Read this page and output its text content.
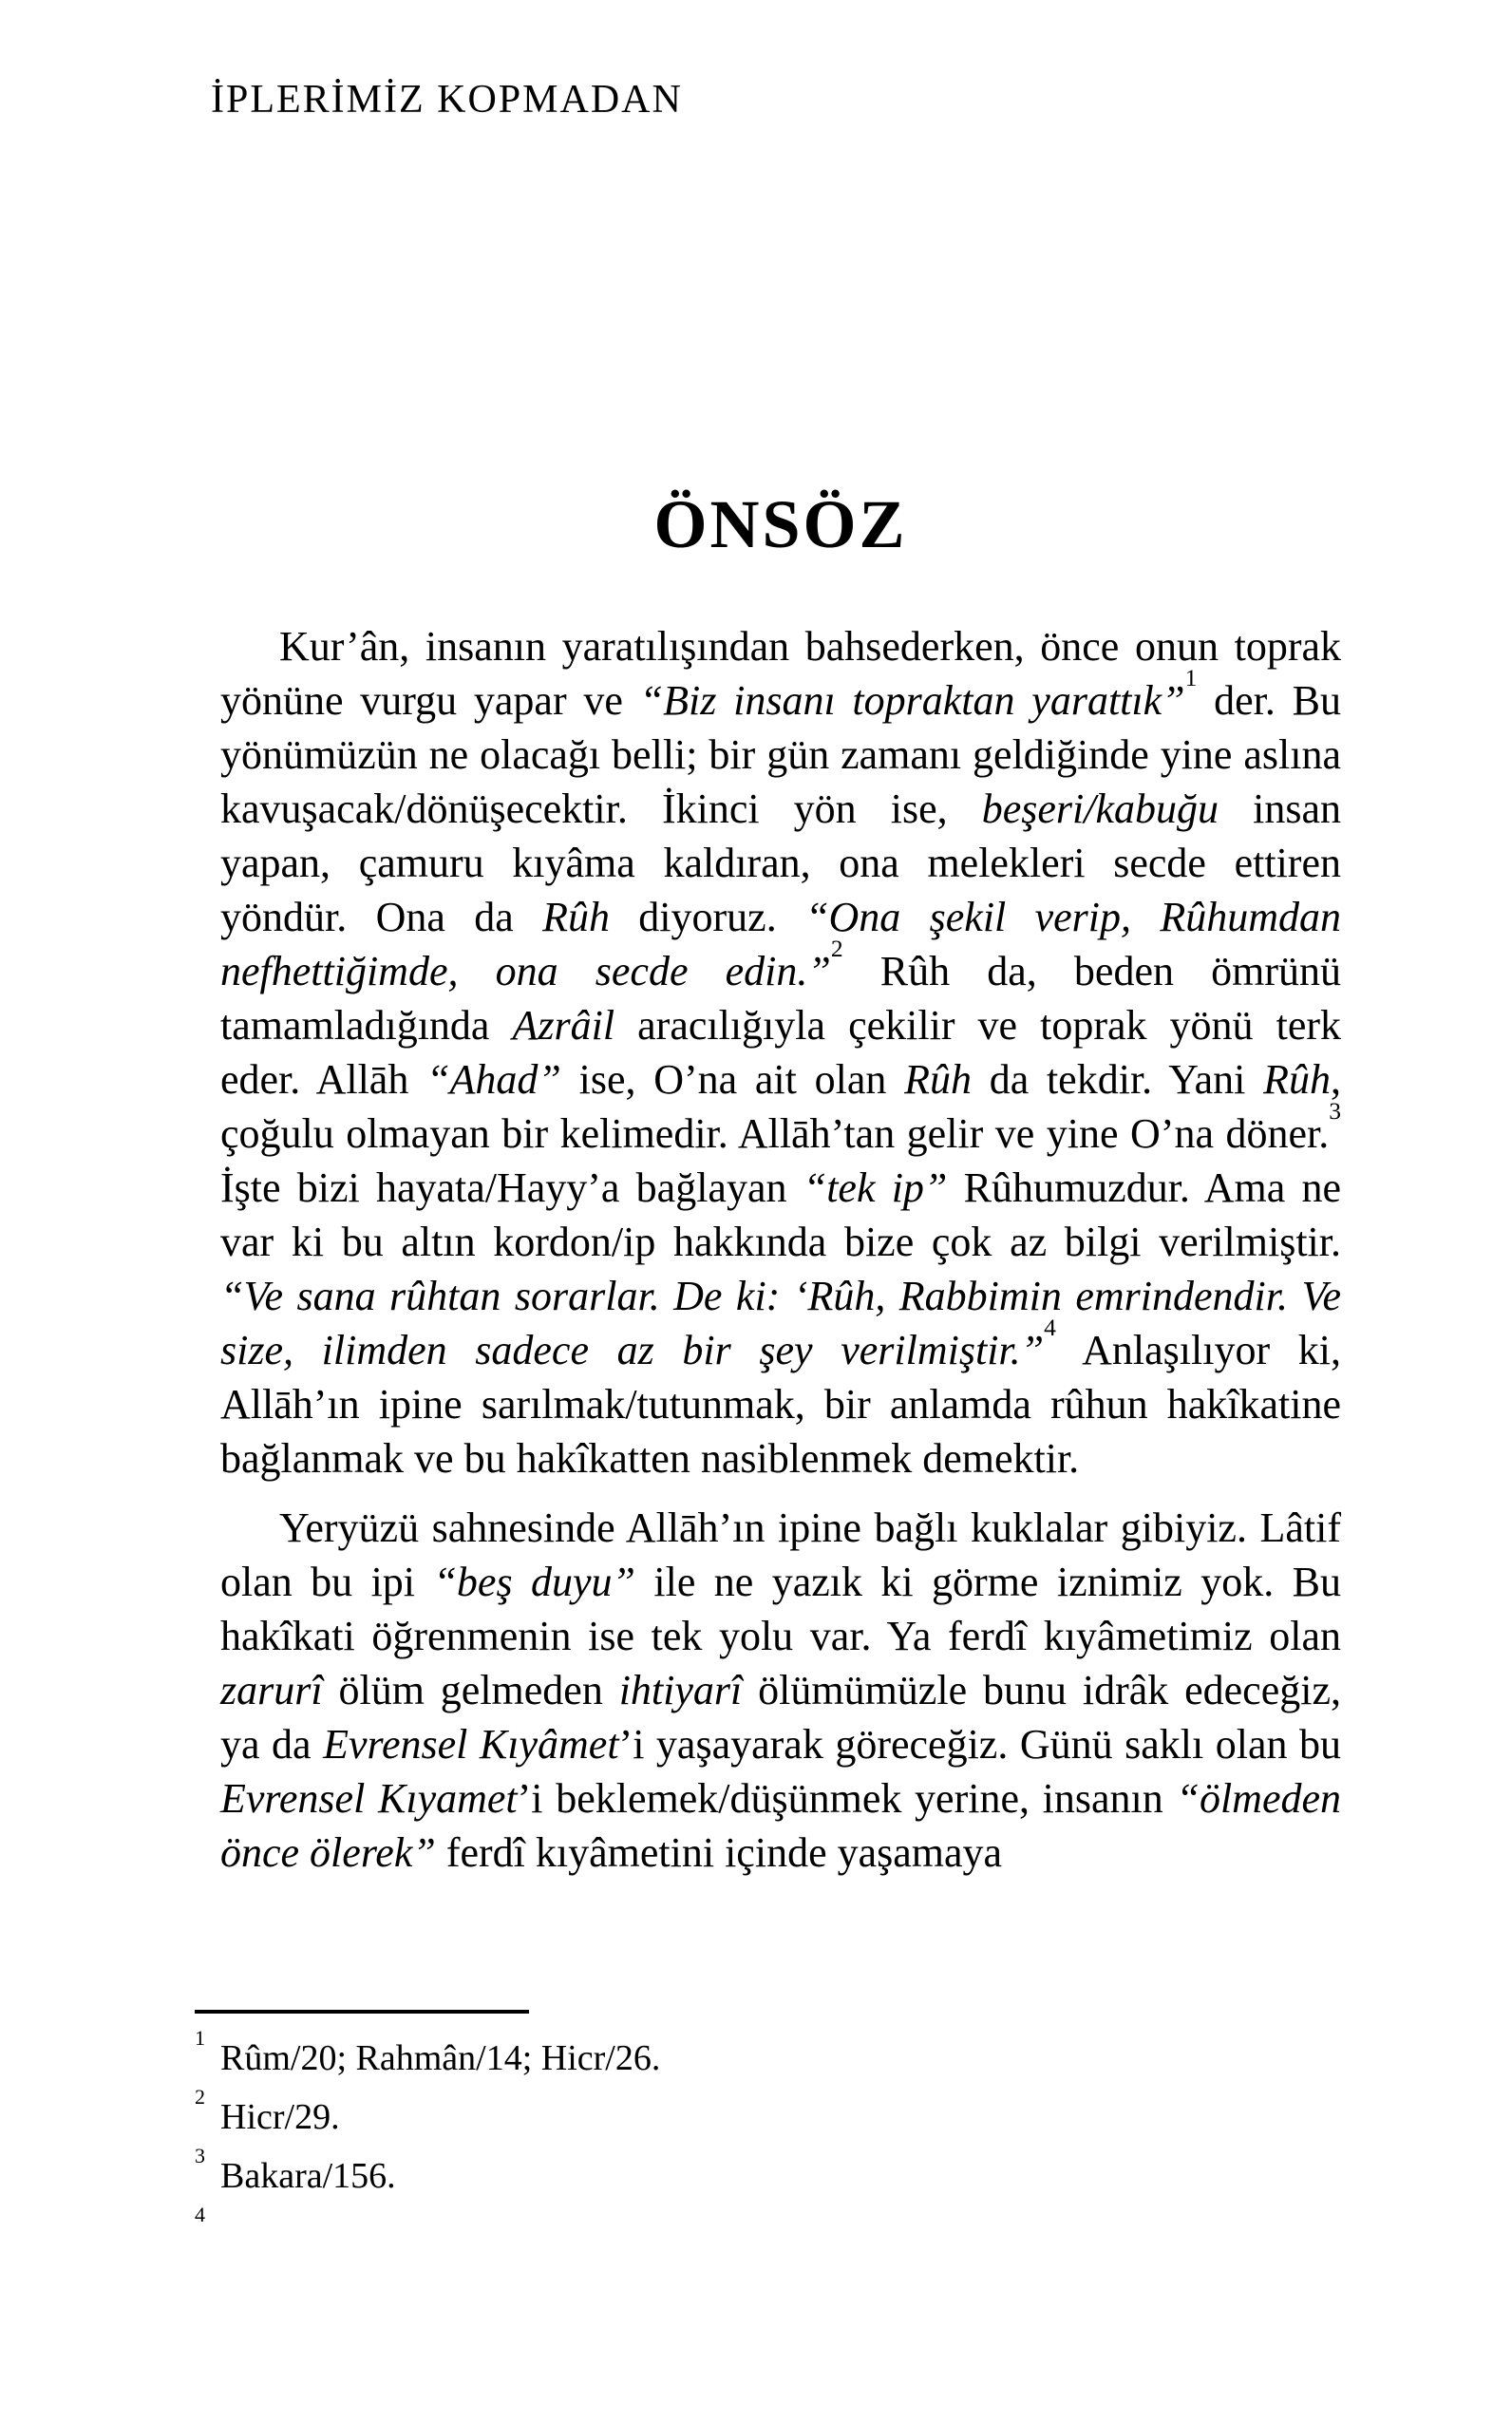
İPLERİMİZ KOPMADAN
ÖNSÖZ

Kur’ân, insanın yaratılışından bahsederken, önce onun toprak yönüne vurgu yapar ve “Biz insanı topraktan yarattık”$^1$ der. Bu yönümüzün ne olacağı belli; bir gün zamanı geldiğinde yine aslına kavuşacak/dönüşecektir. İkinci yön ise, beşeri/kabuğu insan yapan, çamuru kıyâma kaldıran, ona melekleri secde ettiren yöndür. Ona da Rûh diyoruz. “Ona şekil verip, Rûhumdan nefhettiğimde, ona secde edin.”$^2$ Rûh da, beden ömrünü tamamladığında Azrâil aracılığıyla çekilir ve toprak yönü terk eder. Allāh “Ahad” ise, O’na ait olan Rûh da tekdir. Yani Rûh, çoğulu olmayan bir kelimedir. Allāh’tan gelir ve yine O’na döner.$^3$ İşte bizi hayata/Hayy’a bağlayan “tek ip” Rûhumuzdur. Ama ne var ki bu altın kordon/ip hakkında bize çok az bilgi verilmiştir. “Ve sana rûhtan sorarlar. De ki: ‘Rûh, Rabbimin emrindendir. Ve size, ilimden sadece az bir şey verilmiştir.”$^4$ Anlaşılıyor ki, Allāh’ın ipine sarılmak/tutunmak, bir anlamda rûhun hakîkatine bağlanmak ve bu hakîkatten nasiblenmek demektir.

Yeryüzü sahnesinde Allāh’ın ipine bağlı kuklalar gibiyiz. Lâtif olan bu ipi “beş duyu” ile ne yazık ki görme iznimiz yok. Bu hakîkati öğrenmenin ise tek yolu var. Ya ferdî kıyâmetimiz olan zarurî ölüm gelmeden ihtiyarî ölümümüzle bunu idrâk edeceğiz, ya da Evrensel Kıyâmet’i yaşayarak göreceğiz. Günü saklı olan bu Evrensel Kıyamet’i beklemek/düşünmek yerine, insanın “ölmeden önce ölerek” ferdî kıyâmetini içinde yaşamaya

$^1$Rûm/20; Rahmân/14; Hicr/26.
$^2$Hicr/29.
$^3$Bakara/156.
$^4$
